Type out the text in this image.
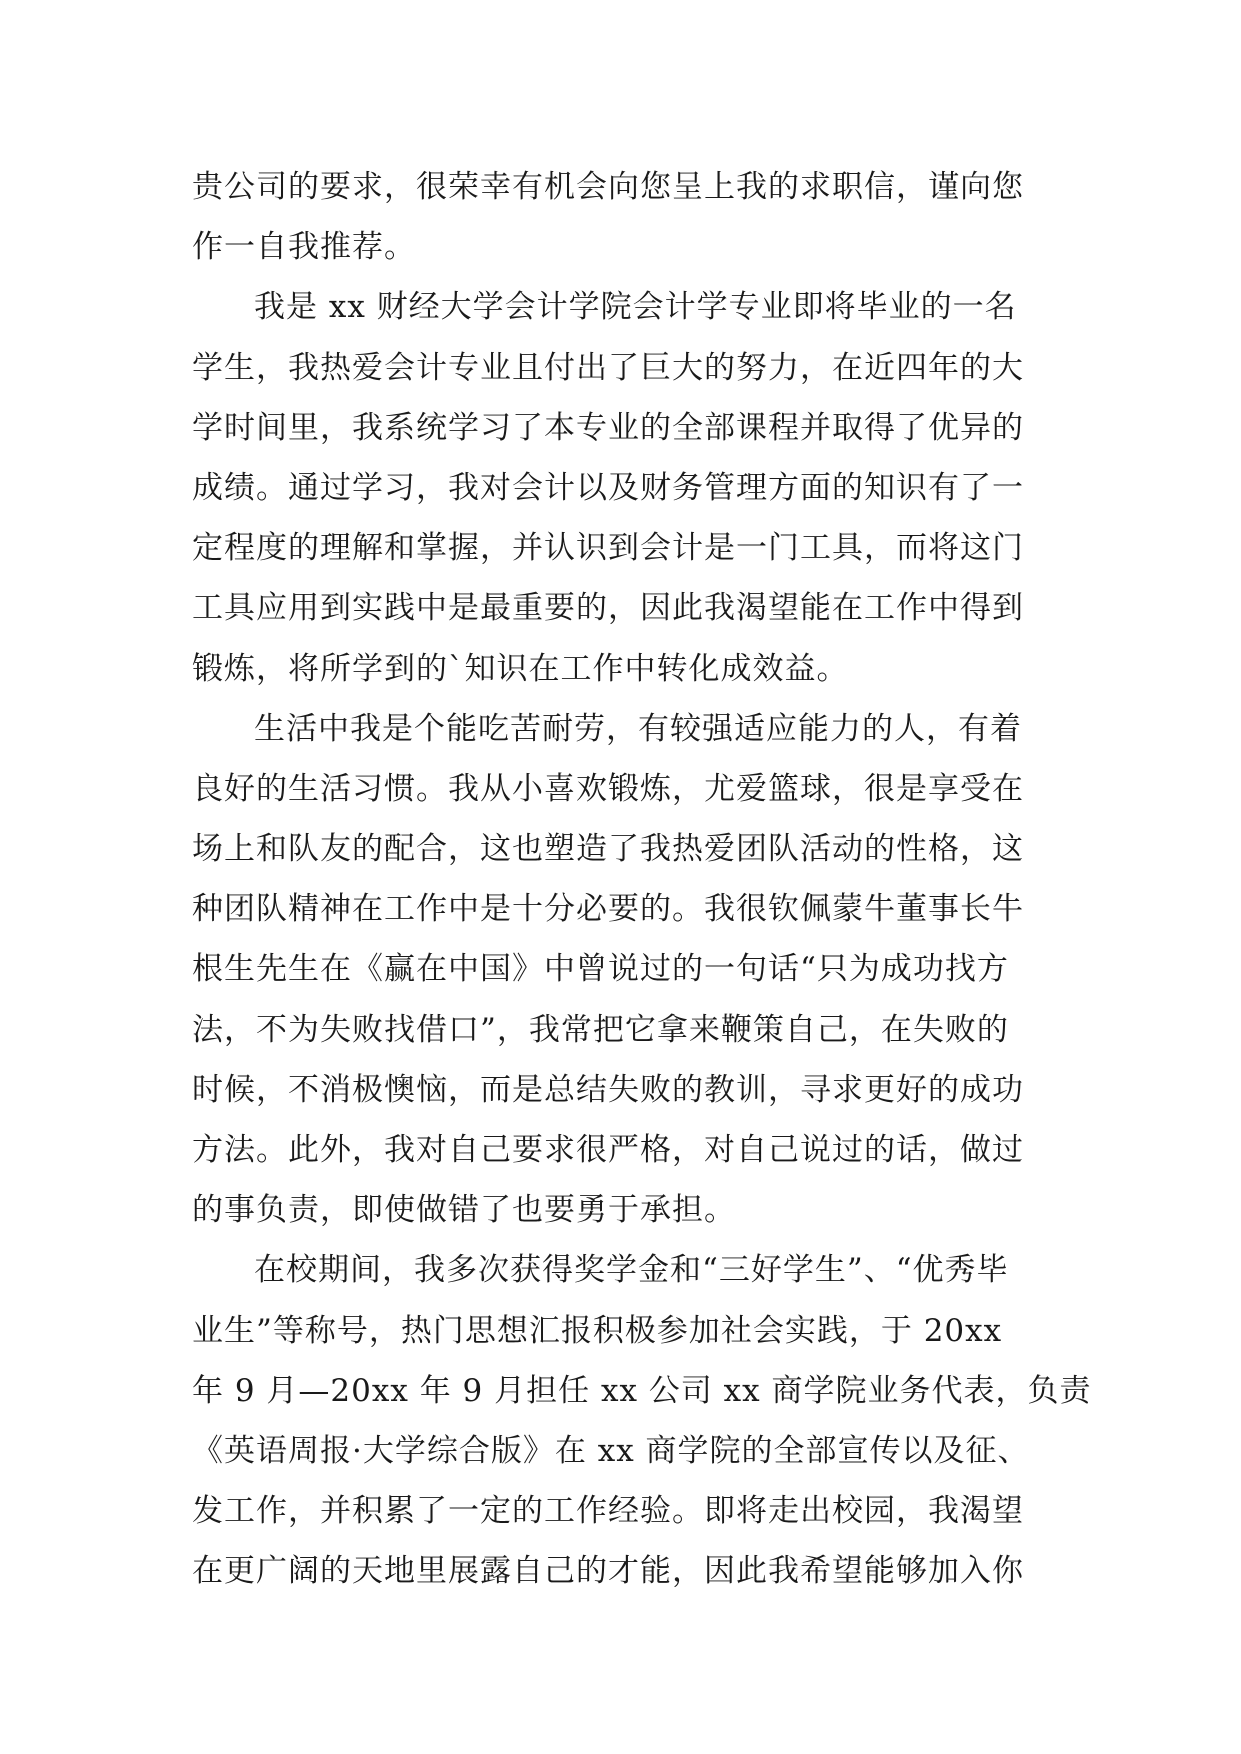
贵公司的要求，很荣幸有机会向您呈上我的求职信，谨向您
作一自我推荐。
我是 xx 财经大学会计学院会计学专业即将毕业的一名
学生，我热爱会计专业且付出了巨大的努力，在近四年的大
学时间里，我系统学习了本专业的全部课程并取得了优异的
成绩。通过学习，我对会计以及财务管理方面的知识有了一
定程度的理解和掌握，并认识到会计是一门工具，而将这门
工具应用到实践中是最重要的，因此我渴望能在工作中得到
锻炼，将所学到的`知识在工作中转化成效益。
生活中我是个能吃苦耐劳，有较强适应能力的人，有着
良好的生活习惯。我从小喜欢锻炼，尤爱篮球，很是享受在
场上和队友的配合，这也塑造了我热爱团队活动的性格，这
种团队精神在工作中是十分必要的。我很钦佩蒙牛董事长牛
根生先生在《赢在中国》中曾说过的一句话“只为成功找方
法，不为失败找借口”，我常把它拿来鞭策自己，在失败的
时候，不消极懊恼，而是总结失败的教训，寻求更好的成功
方法。此外，我对自己要求很严格，对自己说过的话，做过
的事负责，即使做错了也要勇于承担。
在校期间，我多次获得奖学金和“三好学生”、“优秀毕
业生”等称号，热门思想汇报积极参加社会实践，于 20xx
年 9 月—20xx 年 9 月担任 xx 公司 xx 商学院业务代表，负责
《英语周报·大学综合版》在 xx 商学院的全部宣传以及征、
发工作，并积累了一定的工作经验。即将走出校园，我渴望
在更广阔的天地里展露自己的才能，因此我希望能够加入你
